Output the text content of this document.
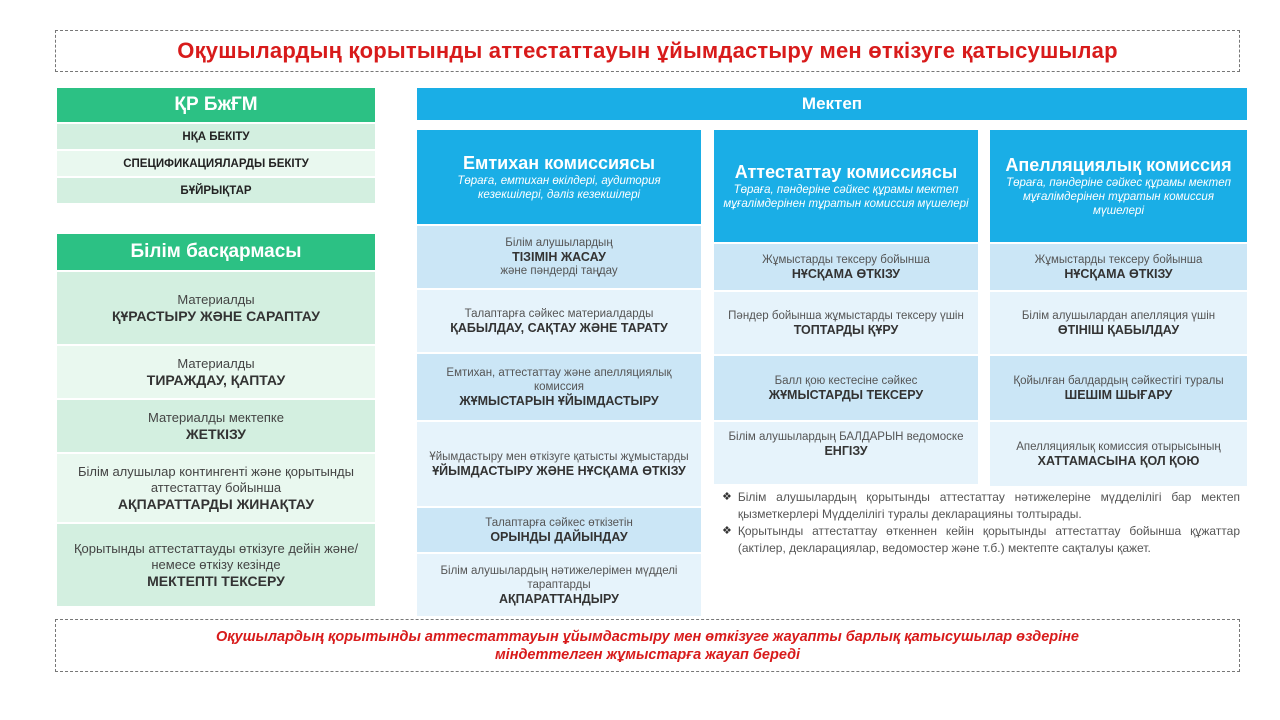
Оқушылардың қорытынды аттестаттауын ұйымдастыру мен өткізуге қатысушылар
ҚР БжҒМ
НҚА БЕКІТУ
СПЕЦИФИКАЦИЯЛАРДЫ БЕКІТУ
БҰЙРЫҚТАР
Білім басқармасы
Материалды
ҚҰРАСТЫРУ ЖӘНЕ САРАПТАУ
Материалды
ТИРАЖДАУ, ҚАПТАУ
Материалды мектепке
ЖЕТКІЗУ
Білім алушылар контингенті және қорытынды аттестаттау бойынша
АҚПАРАТТАРДЫ ЖИНАҚТАУ
Қорытынды аттестаттауды өткізуге дейін және/немесе өткізу кезінде
МЕКТЕПТІ ТЕКСЕРУ
Мектеп
Емтихан комиссиясы
Төраға, емтихан өкілдері, аудитория кезекшілері, дәліз кезекшілері
Білім алушылардың
ТІЗІМІН ЖАСАУ
және пәндерді таңдау
Талаптарға сәйкес материалдарды
ҚАБЫЛДАУ, САҚТАУ ЖӘНЕ ТАРАТУ
Емтихан, аттестаттау және апелляциялық комиссия
ЖҰМЫСТАРЫН ҰЙЫМДАСТЫРУ
Ұйымдастыру мен өткізуге қатысты жұмыстарды
ҰЙЫМДАСТЫРУ ЖӘНЕ НҰСҚАМА ӨТКІЗУ
Талаптарға сәйкес өткізетін
ОРЫНДЫ ДАЙЫНДАУ
Білім алушылардың нәтижелерімен мүдделі тараптарды
АҚПАРАТТАНДЫРУ
Аттестаттау комиссиясы
Төраға, пәндеріне сәйкес құрамы мектеп мұғалімдерінен тұратын комиссия мүшелері
Жұмыстарды тексеру бойынша
НҰСҚАМА ӨТКІЗУ
Пәндер бойынша жұмыстарды тексеру үшін
ТОПТАРДЫ ҚҰРУ
Балл қою кестесіне сәйкес
ЖҰМЫСТАРДЫ ТЕКСЕРУ
Білім алушылардың БАЛДАРЫН ведомоске
ЕНГІЗУ
Апелляциялық комиссия
Төраға, пәндеріне сәйкес құрамы мектеп мұғалімдерінен тұратын комиссия мүшелері
Жұмыстарды тексеру бойынша
НҰСҚАМА ӨТКІЗУ
Білім алушылардан апелляция үшін
ӨТІНІШ ҚАБЫЛДАУ
Қойылған балдардың сәйкестігі туралы
ШЕШІМ ШЫҒАРУ
Апелляциялық комиссия отырысының
ХАТТАМАСЫНА ҚОЛ ҚОЮ
❖ Білім алушылардың қорытынды аттестаттау нәтижелеріне мүдделілігі бар мектеп қызметкерлері Мүдделілігі туралы декларацияны толтырады.
❖ Қорытынды аттестаттау өткеннен кейін қорытынды аттестаттау бойынша құжаттар (актілер, декларациялар, ведомостер және т.б.) мектепте сақталуы қажет.
Оқушылардың қорытынды аттестаттауын ұйымдастыру мен өткізуге жауапты барлық қатысушылар өздеріне міндеттелген жұмыстарға жауап береді
